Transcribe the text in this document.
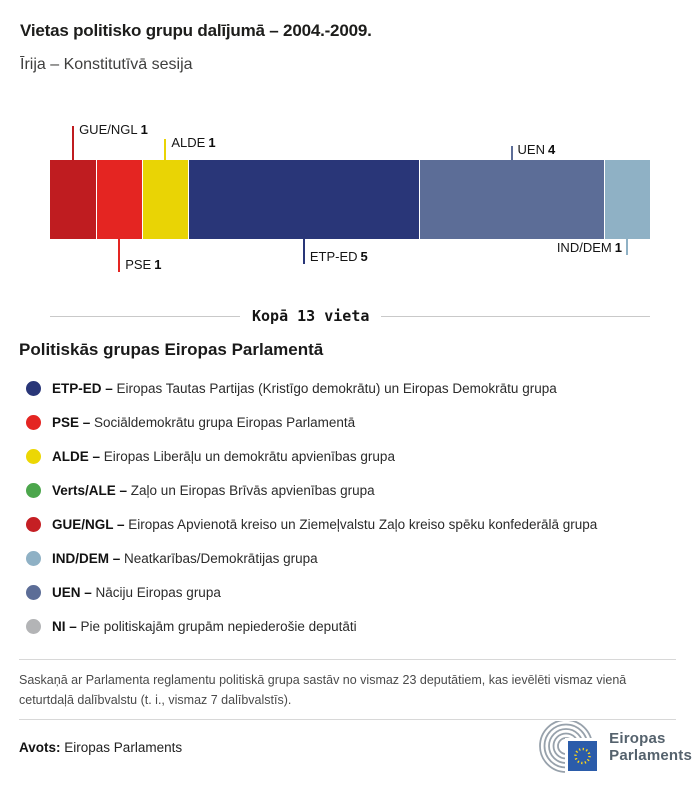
Vietas politisko grupu dalījumā – 2004.-2009.
Īrija – Konstitutīvā sesija
GUE/NGL 1
PSE 1
ALDE 1
ETP-ED 5
UEN 4
IND/DEM 1
Kopā 13 vieta
Politiskās grupas Eiropas Parlamentā
ETP-ED – Eiropas Tautas Partijas (Kristīgo demokrātu) un Eiropas Demokrātu grupa
PSE – Sociāldemokrātu grupa Eiropas Parlamentā
ALDE – Eiropas Liberāļu un demokrātu apvienības grupa
Verts/ALE – Zaļo un Eiropas Brīvās apvienības grupa
GUE/NGL – Eiropas Apvienotā kreiso un Ziemeļvalstu Zaļo kreiso spēku konfederālā grupa
IND/DEM – Neatkarības/Demokrātijas grupa
UEN – Nāciju Eiropas grupa
NI – Pie politiskajām grupām nepiederošie deputāti
Saskaņā ar Parlamenta reglamentu politiskā grupa sastāv no vismaz 23 deputātiem, kas ievēlēti vismaz vienā ceturtdaļā dalībvalstu (t. i., vismaz 7 dalībvalstīs).
Avots: Eiropas Parlaments	Eiropas
Parlaments
